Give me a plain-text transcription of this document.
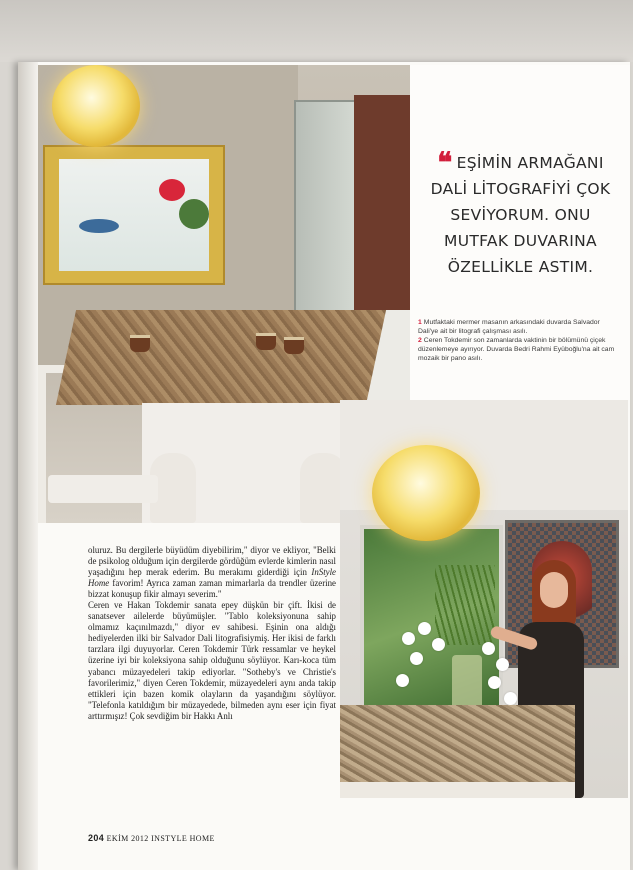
❝ EŞİMİN ARMAĞANI DALİ LİTOGRAFİYİ ÇOK SEVİYORUM. ONU MUTFAK DUVARINA ÖZELLİKLE ASTIM.

1 Mutfaktaki mermer masanın arkasındaki duvarda Salvador Dali'ye ait bir litografi çalışması asılı.

2 Ceren Tokdemir son zamanlarda vaktinin bir bölümünü çiçek düzenlemeye ayırıyor. Duvarda Bedri Rahmi Eyüboğlu'na ait cam mozaik bir pano asılı.

oluruz. Bu dergilerle büyüdüm diyebilirim," diyor ve ekliyor, "Belki de psikolog olduğum için dergilerde gördüğüm evlerde kimlerin nasıl yaşadığını hep merak ederim. Bu merakımı giderdiği için InStyle Home favorim! Ayrıca zaman zaman mimarlarla da trendler üzerine bizzat konuşup fikir almayı severim."

Ceren ve Hakan Tokdemir sanata epey düşkün bir çift. İkisi de sanatsever ailelerde büyümüşler. "Tablo koleksiyonuna sahip olmamız kaçınılmazdı," diyor ev sahibesi. Eşinin ona aldığı hediyelerden ilki bir Salvador Dali litografisiymiş. Her ikisi de farklı tarzlara ilgi duyuyorlar. Ceren Tokdemir Türk ressamlar ve heykel üzerine iyi bir koleksiyona sahip olduğunu söylüyor. Karı-koca tüm yabancı müzayedeleri takip ediyorlar. "Sotheby's ve Christie's favorilerimiz," diyen Ceren Tokdemir, müzayedeleri aynı anda takip ettikleri için bazen komik olayların da yaşandığını söylüyor. "Telefonla katıldığım bir müzayedede, bilmeden aynı eser için fiyat arttırmışız! Çok sevdiğim bir Hakkı Anlı

204 EKİM 2012 INSTYLE HOME
